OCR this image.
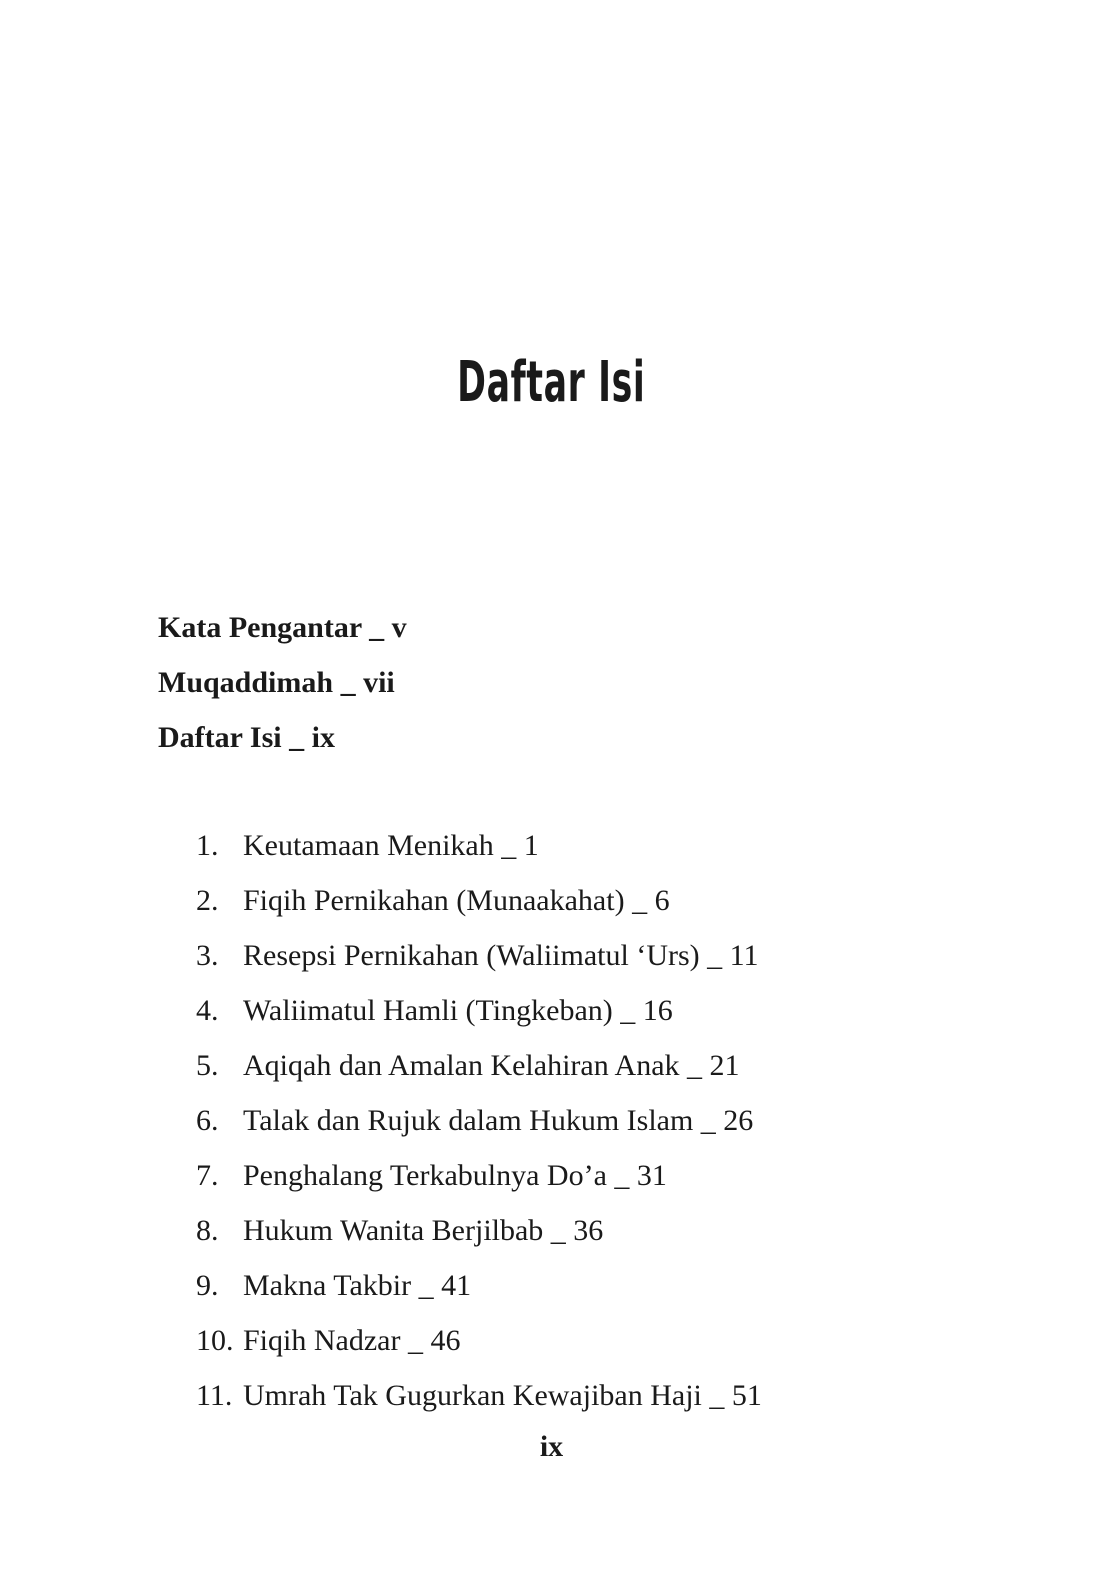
Daftar Isi
Kata Pengantar _ v
Muqaddimah _ vii
Daftar Isi _ ix
1. Keutamaan Menikah _ 1
2. Fiqih Pernikahan (Munaakahat) _ 6
3. Resepsi Pernikahan (Waliimatul ‘Urs) _ 11
4. Waliimatul Hamli (Tingkeban) _ 16
5. Aqiqah dan Amalan Kelahiran Anak _ 21
6. Talak dan Rujuk dalam Hukum Islam _ 26
7. Penghalang Terkabulnya Do’a _ 31
8. Hukum Wanita Berjilbab _ 36
9. Makna Takbir _ 41
10. Fiqih Nadzar _ 46
11. Umrah Tak Gugurkan Kewajiban Haji _ 51
ix
